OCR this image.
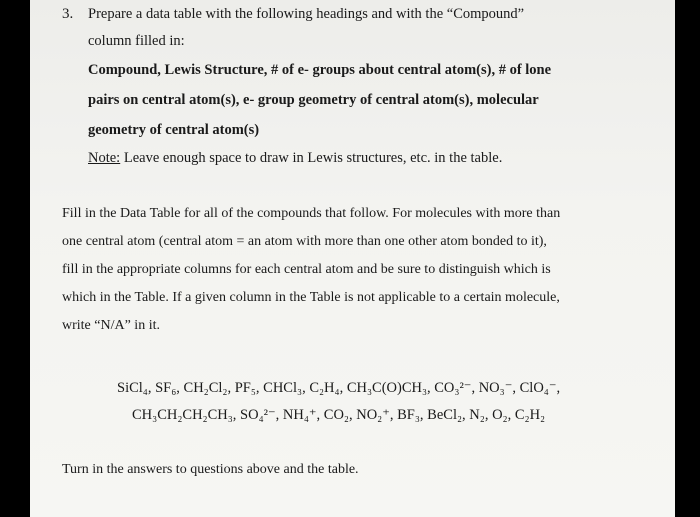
3. Prepare a data table with the following headings and with the “Compound”
column filled in:
Compound, Lewis Structure, # of e- groups about central atom(s), # of lone
pairs on central atom(s), e- group geometry of central atom(s), molecular
geometry of central atom(s)
Note: Leave enough space to draw in Lewis structures, etc. in the table.
Fill in the Data Table for all of the compounds that follow. For molecules with more than
one central atom (central atom = an atom with more than one other atom bonded to it),
fill in the appropriate columns for each central atom and be sure to distinguish which is
which in the Table. If a given column in the Table is not applicable to a certain molecule,
write “N/A” in it.
SiCl₄, SF₆, CH₂Cl₂, PF₅, CHCl₃, C₂H₄, CH₃C(O)CH₃, CO₃²⁻, NO₃⁻, ClO₄⁻,
CH₃CH₂CH₂CH₃, SO₄²⁻, NH₄⁺, CO₂, NO₂⁺, BF₃, BeCl₂, N₂, O₂, C₂H₂
Turn in the answers to questions above and the table.
